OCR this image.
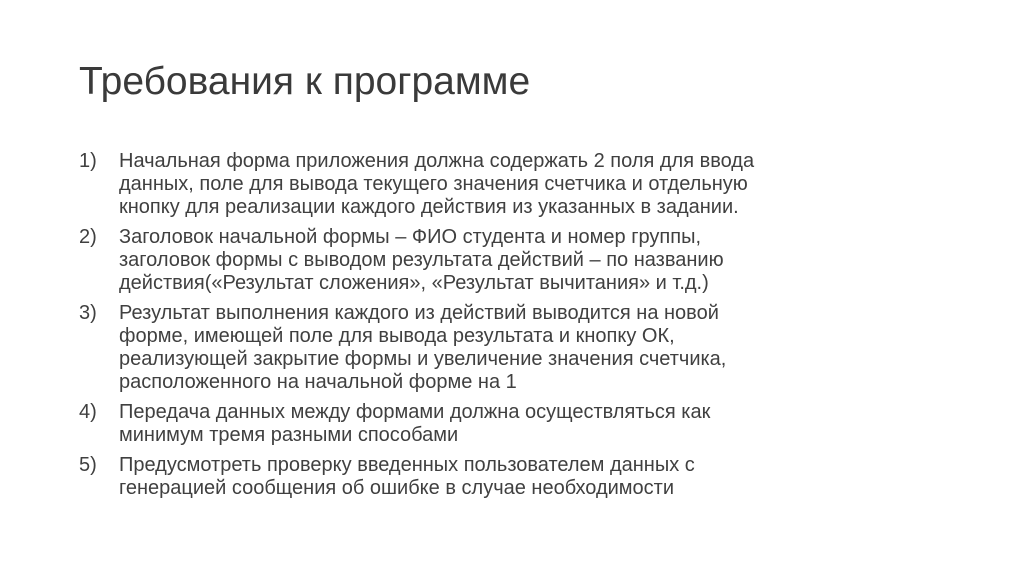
Требования к программе
1)	Начальная форма приложения должна содержать 2 поля для ввода
данных, поле для вывода текущего значения счетчика и отдельную
кнопку для реализации каждого действия из указанных в задании.
2)	Заголовок начальной формы – ФИО студента и номер группы,
заголовок формы с выводом результата действий – по названию
действия(«Результат сложения», «Результат вычитания» и т.д.)
3)	Результат выполнения каждого из действий выводится на новой
форме, имеющей поле для вывода результата и кнопку ОК,
реализующей закрытие формы и увеличение значения счетчика,
расположенного на начальной форме на 1
4)	Передача данных между формами должна осуществляться как
минимум тремя разными способами
5)	Предусмотреть проверку введенных пользователем данных с
генерацией сообщения об ошибке в случае необходимости
